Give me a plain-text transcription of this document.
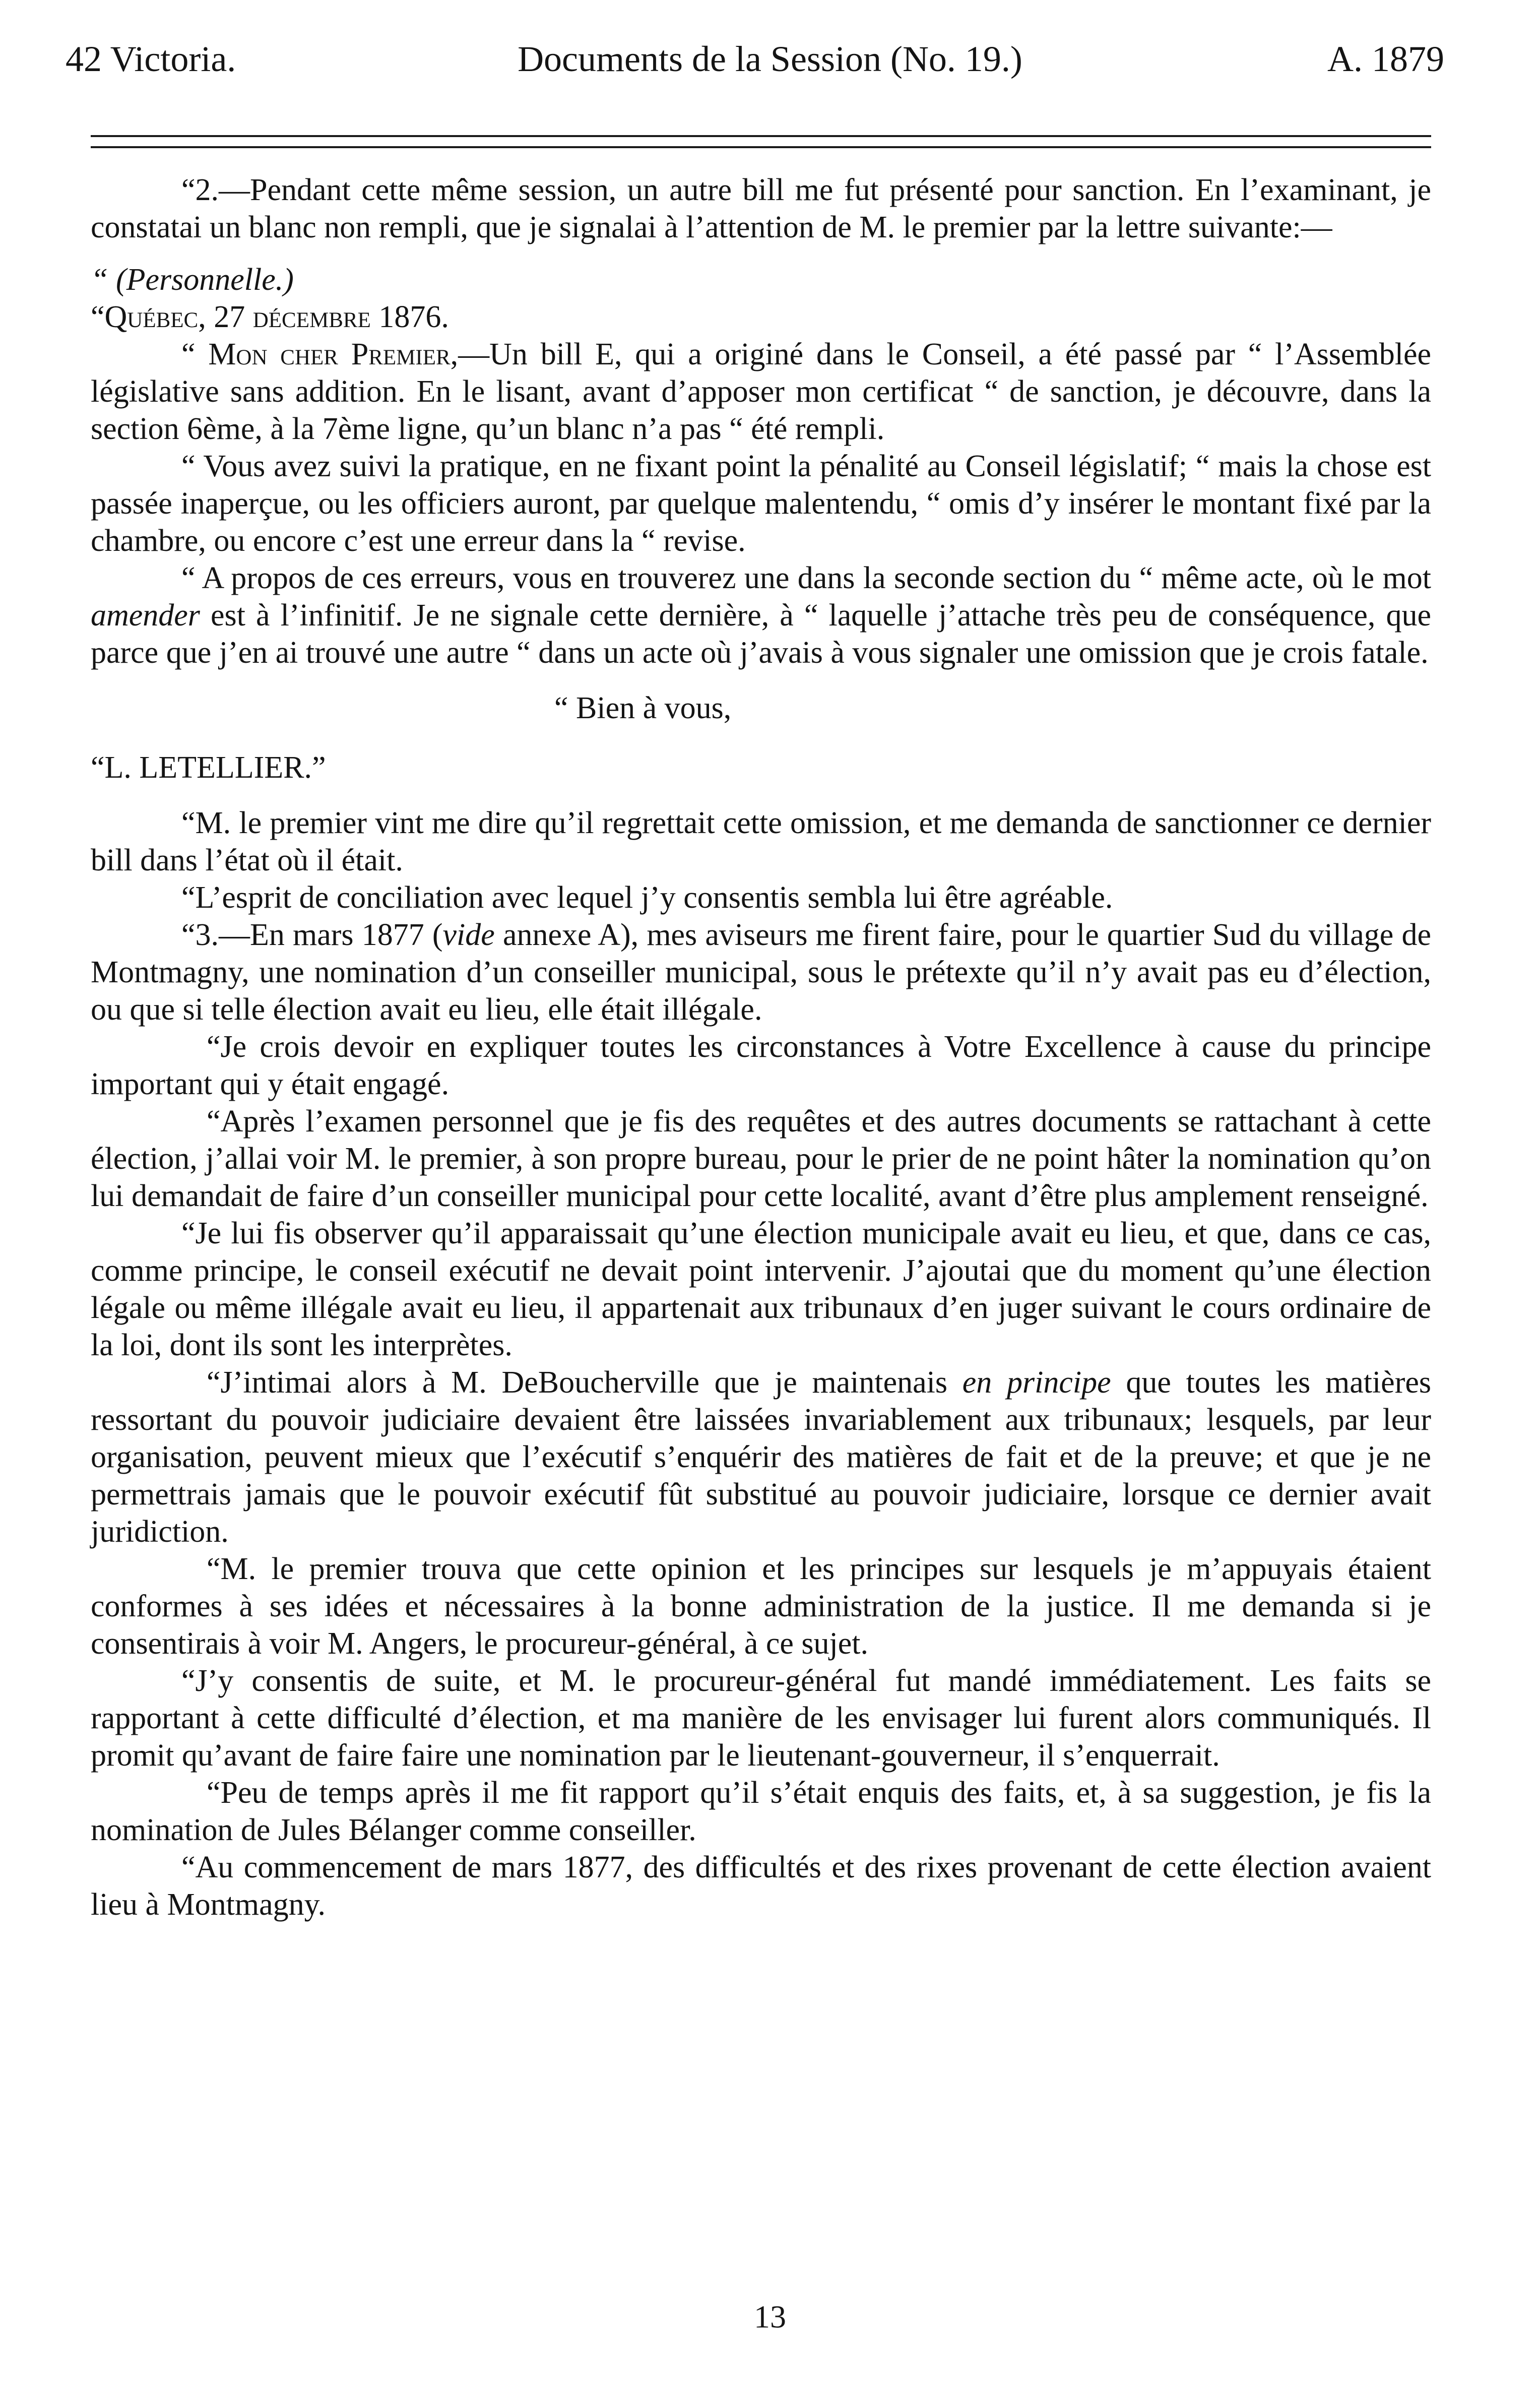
42 Victoria.	Documents de la Session (No. 19.)	A. 1879

“2.—Pendant cette même session, un autre bill me fut présenté pour sanction. En l’examinant, je constatai un blanc non rempli, que je signalai à l’attention de M. le premier par la lettre suivante:—

“ (Personnelle.)

“Québec, 27 décembre 1876.

“ Mon cher Premier,—Un bill E, qui a originé dans le Conseil, a été passé par “ l’Assemblée législative sans addition. En le lisant, avant d’apposer mon certificat “ de sanction, je découvre, dans la section 6ème, à la 7ème ligne, qu’un blanc n’a pas “ été rempli.

“ Vous avez suivi la pratique, en ne fixant point la pénalité au Conseil législatif; “ mais la chose est passée inaperçue, ou les officiers auront, par quelque malentendu, “ omis d’y insérer le montant fixé par la chambre, ou encore c’est une erreur dans la “ revise.

“ A propos de ces erreurs, vous en trouverez une dans la seconde section du “ même acte, où le mot amender est à l’infinitif. Je ne signale cette dernière, à “ laquelle j’attache très peu de conséquence, que parce que j’en ai trouvé une autre “ dans un acte où j’avais à vous signaler une omission que je crois fatale.

“ Bien à vous,

“L. LETELLIER.”

“M. le premier vint me dire qu’il regrettait cette omission, et me demanda de sanctionner ce dernier bill dans l’état où il était.

“L’esprit de conciliation avec lequel j’y consentis sembla lui être agréable.

“3.—En mars 1877 (vide annexe A), mes aviseurs me firent faire, pour le quartier Sud du village de Montmagny, une nomination d’un conseiller municipal, sous le prétexte qu’il n’y avait pas eu d’élection, ou que si telle élection avait eu lieu, elle était illégale.

“Je crois devoir en expliquer toutes les circonstances à Votre Excellence à cause du principe important qui y était engagé.

“Après l’examen personnel que je fis des requêtes et des autres documents se rattachant à cette élection, j’allai voir M. le premier, à son propre bureau, pour le prier de ne point hâter la nomination qu’on lui demandait de faire d’un conseiller municipal pour cette localité, avant d’être plus amplement renseigné.

“Je lui fis observer qu’il apparaissait qu’une élection municipale avait eu lieu, et que, dans ce cas, comme principe, le conseil exécutif ne devait point intervenir. J’ajoutai que du moment qu’une élection légale ou même illégale avait eu lieu, il appartenait aux tribunaux d’en juger suivant le cours ordinaire de la loi, dont ils sont les interprètes.

“J’intimai alors à M. DeBoucherville que je maintenais en principe que toutes les matières ressortant du pouvoir judiciaire devaient être laissées invariablement aux tribunaux; lesquels, par leur organisation, peuvent mieux que l’exécutif s’enquérir des matières de fait et de la preuve; et que je ne permettrais jamais que le pouvoir exécutif fût substitué au pouvoir judiciaire, lorsque ce dernier avait juridiction.

“M. le premier trouva que cette opinion et les principes sur lesquels je m’appuyais étaient conformes à ses idées et nécessaires à la bonne administration de la justice. Il me demanda si je consentirais à voir M. Angers, le procureur-général, à ce sujet.

“J’y consentis de suite, et M. le procureur-général fut mandé immédiatement. Les faits se rapportant à cette difficulté d’élection, et ma manière de les envisager lui furent alors communiqués. Il promit qu’avant de faire faire une nomination par le lieutenant-gouverneur, il s’enquerrait.

“Peu de temps après il me fit rapport qu’il s’était enquis des faits, et, à sa suggestion, je fis la nomination de Jules Bélanger comme conseiller.

“Au commencement de mars 1877, des difficultés et des rixes provenant de cette élection avaient lieu à Montmagny.

13
